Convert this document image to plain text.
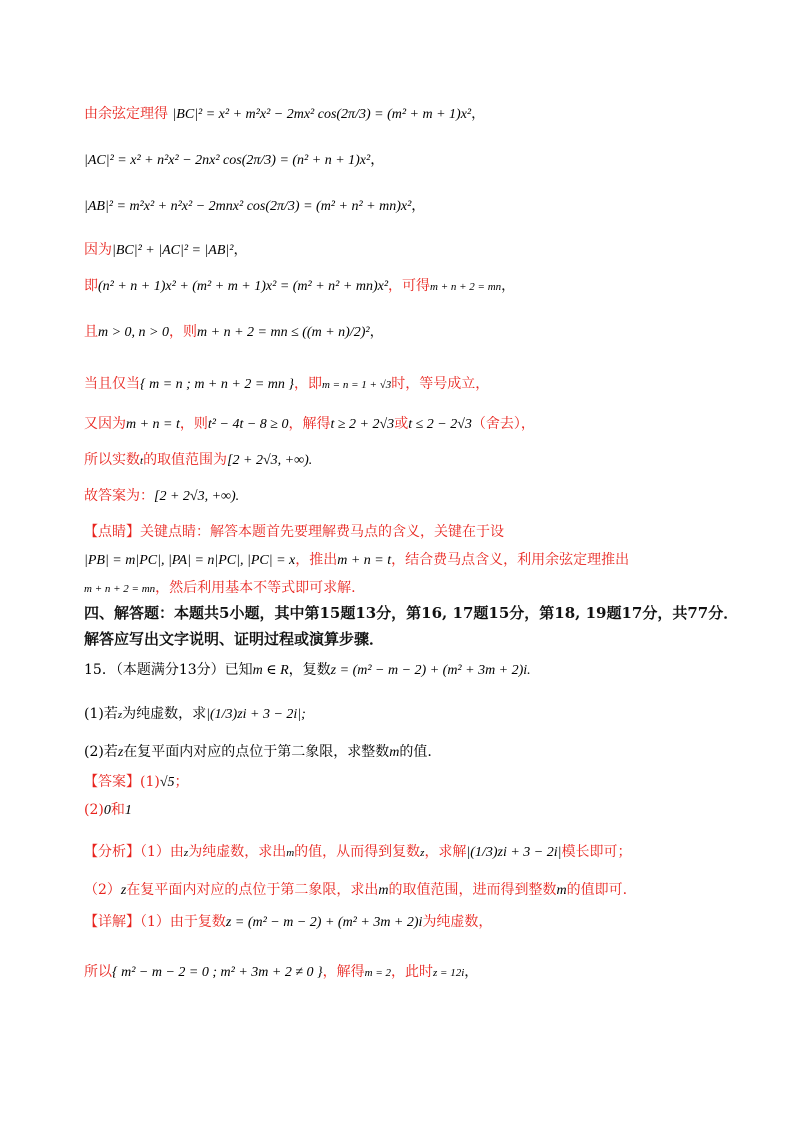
由余弦定理得 |BC|² = x² + m²x² − 2mx² cos(2π/3) = (m² + m + 1)x²，
|AC|² = x² + n²x² − 2nx² cos(2π/3) = (n² + n + 1)x²，
|AB|² = m²x² + n²x² − 2mnx² cos(2π/3) = (m² + n² + mn)x²，
因为|BC|² + |AC|² = |AB|²，
即(n² + n + 1)x² + (m² + m + 1)x² = (m² + n² + mn)x²，可得m + n + 2 = mn，
且m > 0, n > 0，则m + n + 2 = mn ≤ ((m + n)/2)²，
当且仅当{ m = n ; m + n + 2 = mn }，即m = n = 1 + √3时，等号成立，
又因为m + n = t，则t² − 4t − 8 ≥ 0，解得t ≥ 2 + 2√3或t ≤ 2 − 2√3（舍去），
所以实数t的取值范围为[2 + 2√3, +∞).
故答案为：[2 + 2√3, +∞).
【点睛】关键点睛：解答本题首先要理解费马点的含义，关键在于设
|PB| = m|PC|, |PA| = n|PC|, |PC| = x，推出m + n = t，结合费马点含义，利用余弦定理推出
m + n + 2 = mn，然后利用基本不等式即可求解.
四、解答题：本题共5小题，其中第15题13分，第16, 17题15分，第18, 19题17分，共77分．解答应写出文字说明、证明过程或演算步骤．
15．（本题满分13分）已知m ∈ R，复数z = (m² − m − 2) + (m² + 3m + 2)i.
(1)若z为纯虚数，求|(1/3)zi + 3 − 2i|;
(2)若z在复平面内对应的点位于第二象限，求整数m的值.
【答案】(1)√5；
(2)0和1
【分析】（1）由z为纯虚数，求出m的值，从而得到复数z，求解|(1/3)zi + 3 − 2i|模长即可；
（2）z在复平面内对应的点位于第二象限，求出m的取值范围，进而得到整数m的值即可.
【详解】（1）由于复数z = (m² − m − 2) + (m² + 3m + 2)i为纯虚数，
所以{ m² − m − 2 = 0 ; m² + 3m + 2 ≠ 0 }，解得m = 2，此时z = 12i，
